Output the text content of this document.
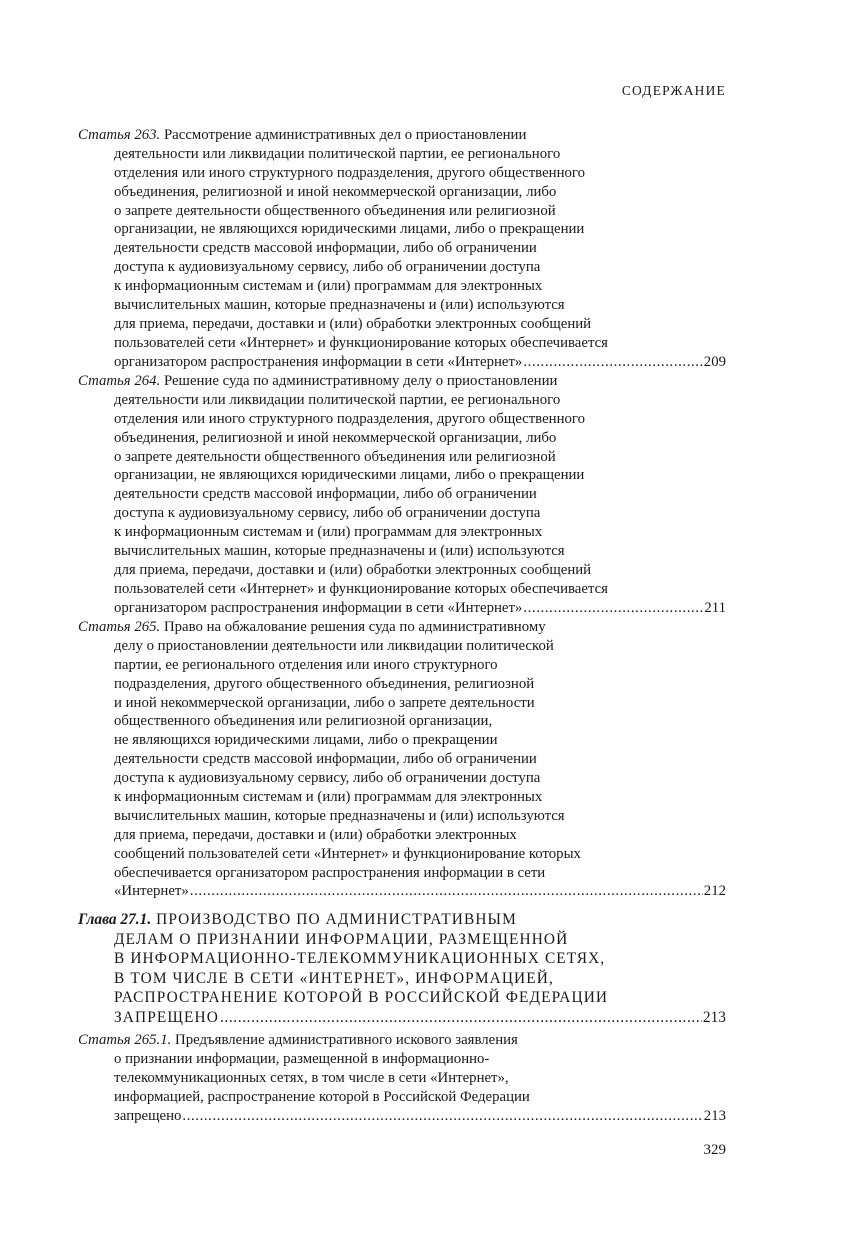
СОДЕРЖАНИЕ
Статья 263. Рассмотрение административных дел о приостановлении
деятельности или ликвидации политической партии, ее регионального
отделения или иного структурного подразделения, другого общественного
объединения, религиозной и иной некоммерческой организации, либо
о запрете деятельности общественного объединения или религиозной
организации, не являющихся юридическими лицами, либо о прекращении
деятельности средств массовой информации, либо об ограничении
доступа к аудиовизуальному сервису, либо об ограничении доступа
к информационным системам и (или) программам для электронных
вычислительных машин, которые предназначены и (или) используются
для приема, передачи, доставки и (или) обработки электронных сообщений
пользователей сети «Интернет» и функционирование которых обеспечивается
организатором распространения информации в сети «Интернет» .....	209
Статья 264. Решение суда по административному делу о приостановлении
деятельности или ликвидации политической партии, ее регионального
отделения или иного структурного подразделения, другого общественного
объединения, религиозной и иной некоммерческой организации, либо
о запрете деятельности общественного объединения или религиозной
организации, не являющихся юридическими лицами, либо о прекращении
деятельности средств массовой информации, либо об ограничении
доступа к аудиовизуальному сервису, либо об ограничении доступа
к информационным системам и (или) программам для электронных
вычислительных машин, которые предназначены и (или) используются
для приема, передачи, доставки и (или) обработки электронных сообщений
пользователей сети «Интернет» и функционирование которых обеспечивается
организатором распространения информации в сети «Интернет» .....	211
Статья 265. Право на обжалование решения суда по административному
делу о приостановлении деятельности или ликвидации политической
партии, ее регионального отделения или иного структурного
подразделения, другого общественного объединения, религиозной
и иной некоммерческой организации, либо о запрете деятельности
общественного объединения или религиозной организации,
не являющихся юридическими лицами, либо о прекращении
деятельности средств массовой информации, либо об ограничении
доступа к аудиовизуальному сервису, либо об ограничении доступа
к информационным системам и (или) программам для электронных
вычислительных машин, которые предназначены и (или) используются
для приема, передачи, доставки и (или) обработки электронных
сообщений пользователей сети «Интернет» и функционирование которых
обеспечивается организатором распространения информации в сети
«Интернет» .....	212
Глава 27.1. ПРОИЗВОДСТВО ПО АДМИНИСТРАТИВНЫМ
ДЕЛАМ О ПРИЗНАНИИ ИНФОРМАЦИИ, РАЗМЕЩЕННОЙ
В ИНФОРМАЦИОННО-ТЕЛЕКОММУНИКАЦИОННЫХ СЕТЯХ,
В ТОМ ЧИСЛЕ В СЕТИ «ИНТЕРНЕТ», ИНФОРМАЦИЕЙ,
РАСПРОСТРАНЕНИЕ КОТОРОЙ В РОССИЙСКОЙ ФЕДЕРАЦИИ
ЗАПРЕЩЕНО .....	213
Статья 265.1. Предъявление административного искового заявления
о признании информации, размещенной в информационно-
телекоммуникационных сетях, в том числе в сети «Интернет»,
информацией, распространение которой в Российской Федерации
запрещено .....	213
329
